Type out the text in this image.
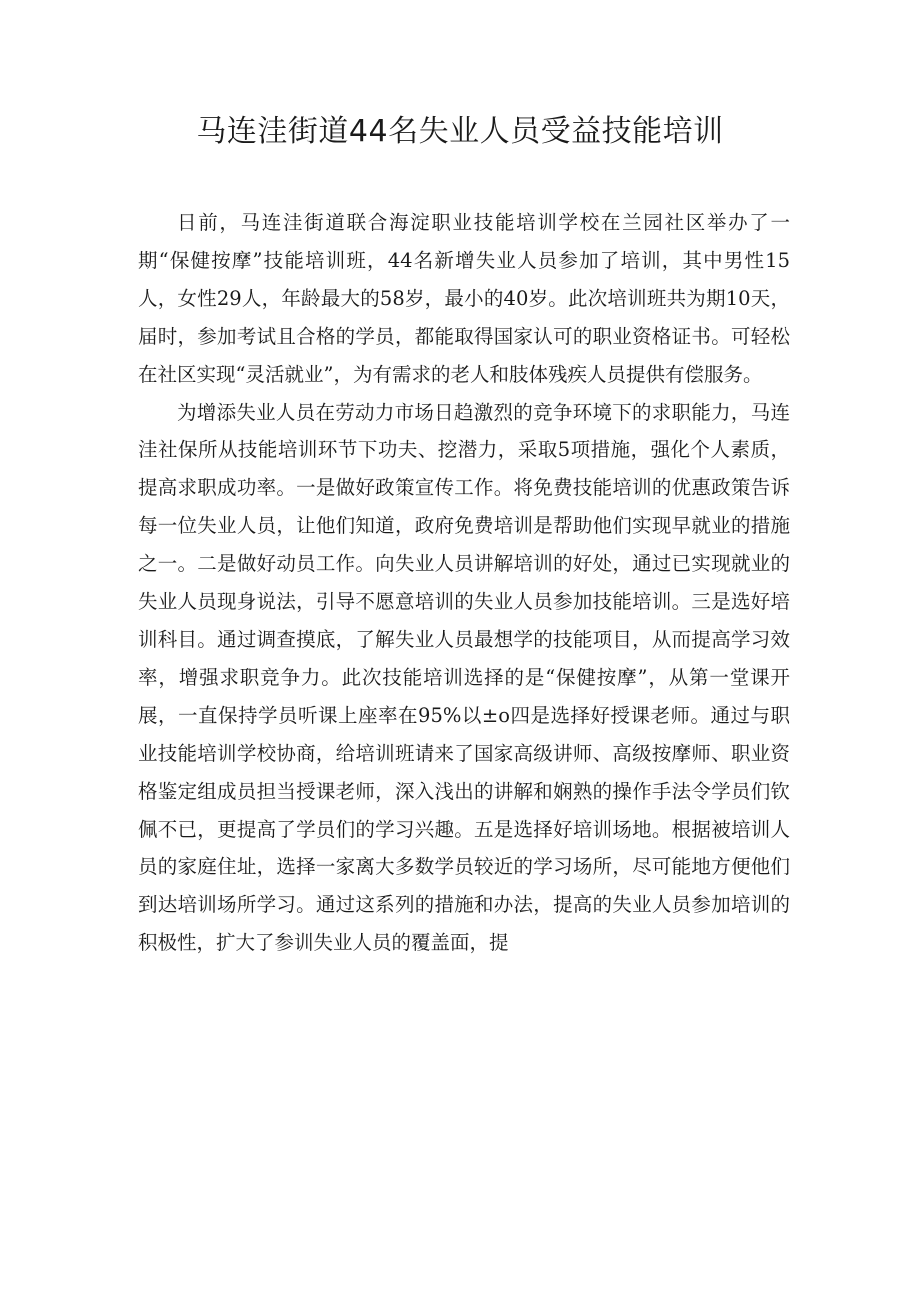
马连洼街道44名失业人员受益技能培训

日前，马连洼街道联合海淀职业技能培训学校在兰园社区举办了一期“保健按摩”技能培训班，44名新增失业人员参加了培训，其中男性15人，女性29人，年龄最大的58岁，最小的40岁。此次培训班共为期10天，届时，参加考试且合格的学员，都能取得国家认可的职业资格证书。可轻松在社区实现“灵活就业”，为有需求的老人和肢体残疾人员提供有偿服务。

为增添失业人员在劳动力市场日趋激烈的竞争环境下的求职能力，马连洼社保所从技能培训环节下功夫、挖潜力，采取5项措施，强化个人素质，提高求职成功率。一是做好政策宣传工作。将免费技能培训的优惠政策告诉每一位失业人员，让他们知道，政府免费培训是帮助他们实现早就业的措施之一。二是做好动员工作。向失业人员讲解培训的好处，通过已实现就业的失业人员现身说法，引导不愿意培训的失业人员参加技能培训。三是选好培训科目。通过调查摸底，了解失业人员最想学的技能项目，从而提高学习效率，增强求职竞争力。此次技能培训选择的是“保健按摩”，从第一堂课开展，一直保持学员听课上座率在95%以±o四是选择好授课老师。通过与职业技能培训学校协商，给培训班请来了国家高级讲师、高级按摩师、职业资格鉴定组成员担当授课老师，深入浅出的讲解和娴熟的操作手法令学员们钦佩不已，更提高了学员们的学习兴趣。五是选择好培训场地。根据被培训人员的家庭住址，选择一家离大多数学员较近的学习场所，尽可能地方便他们到达培训场所学习。通过这系列的措施和办法，提高的失业人员参加培训的积极性，扩大了参训失业人员的覆盖面，提
